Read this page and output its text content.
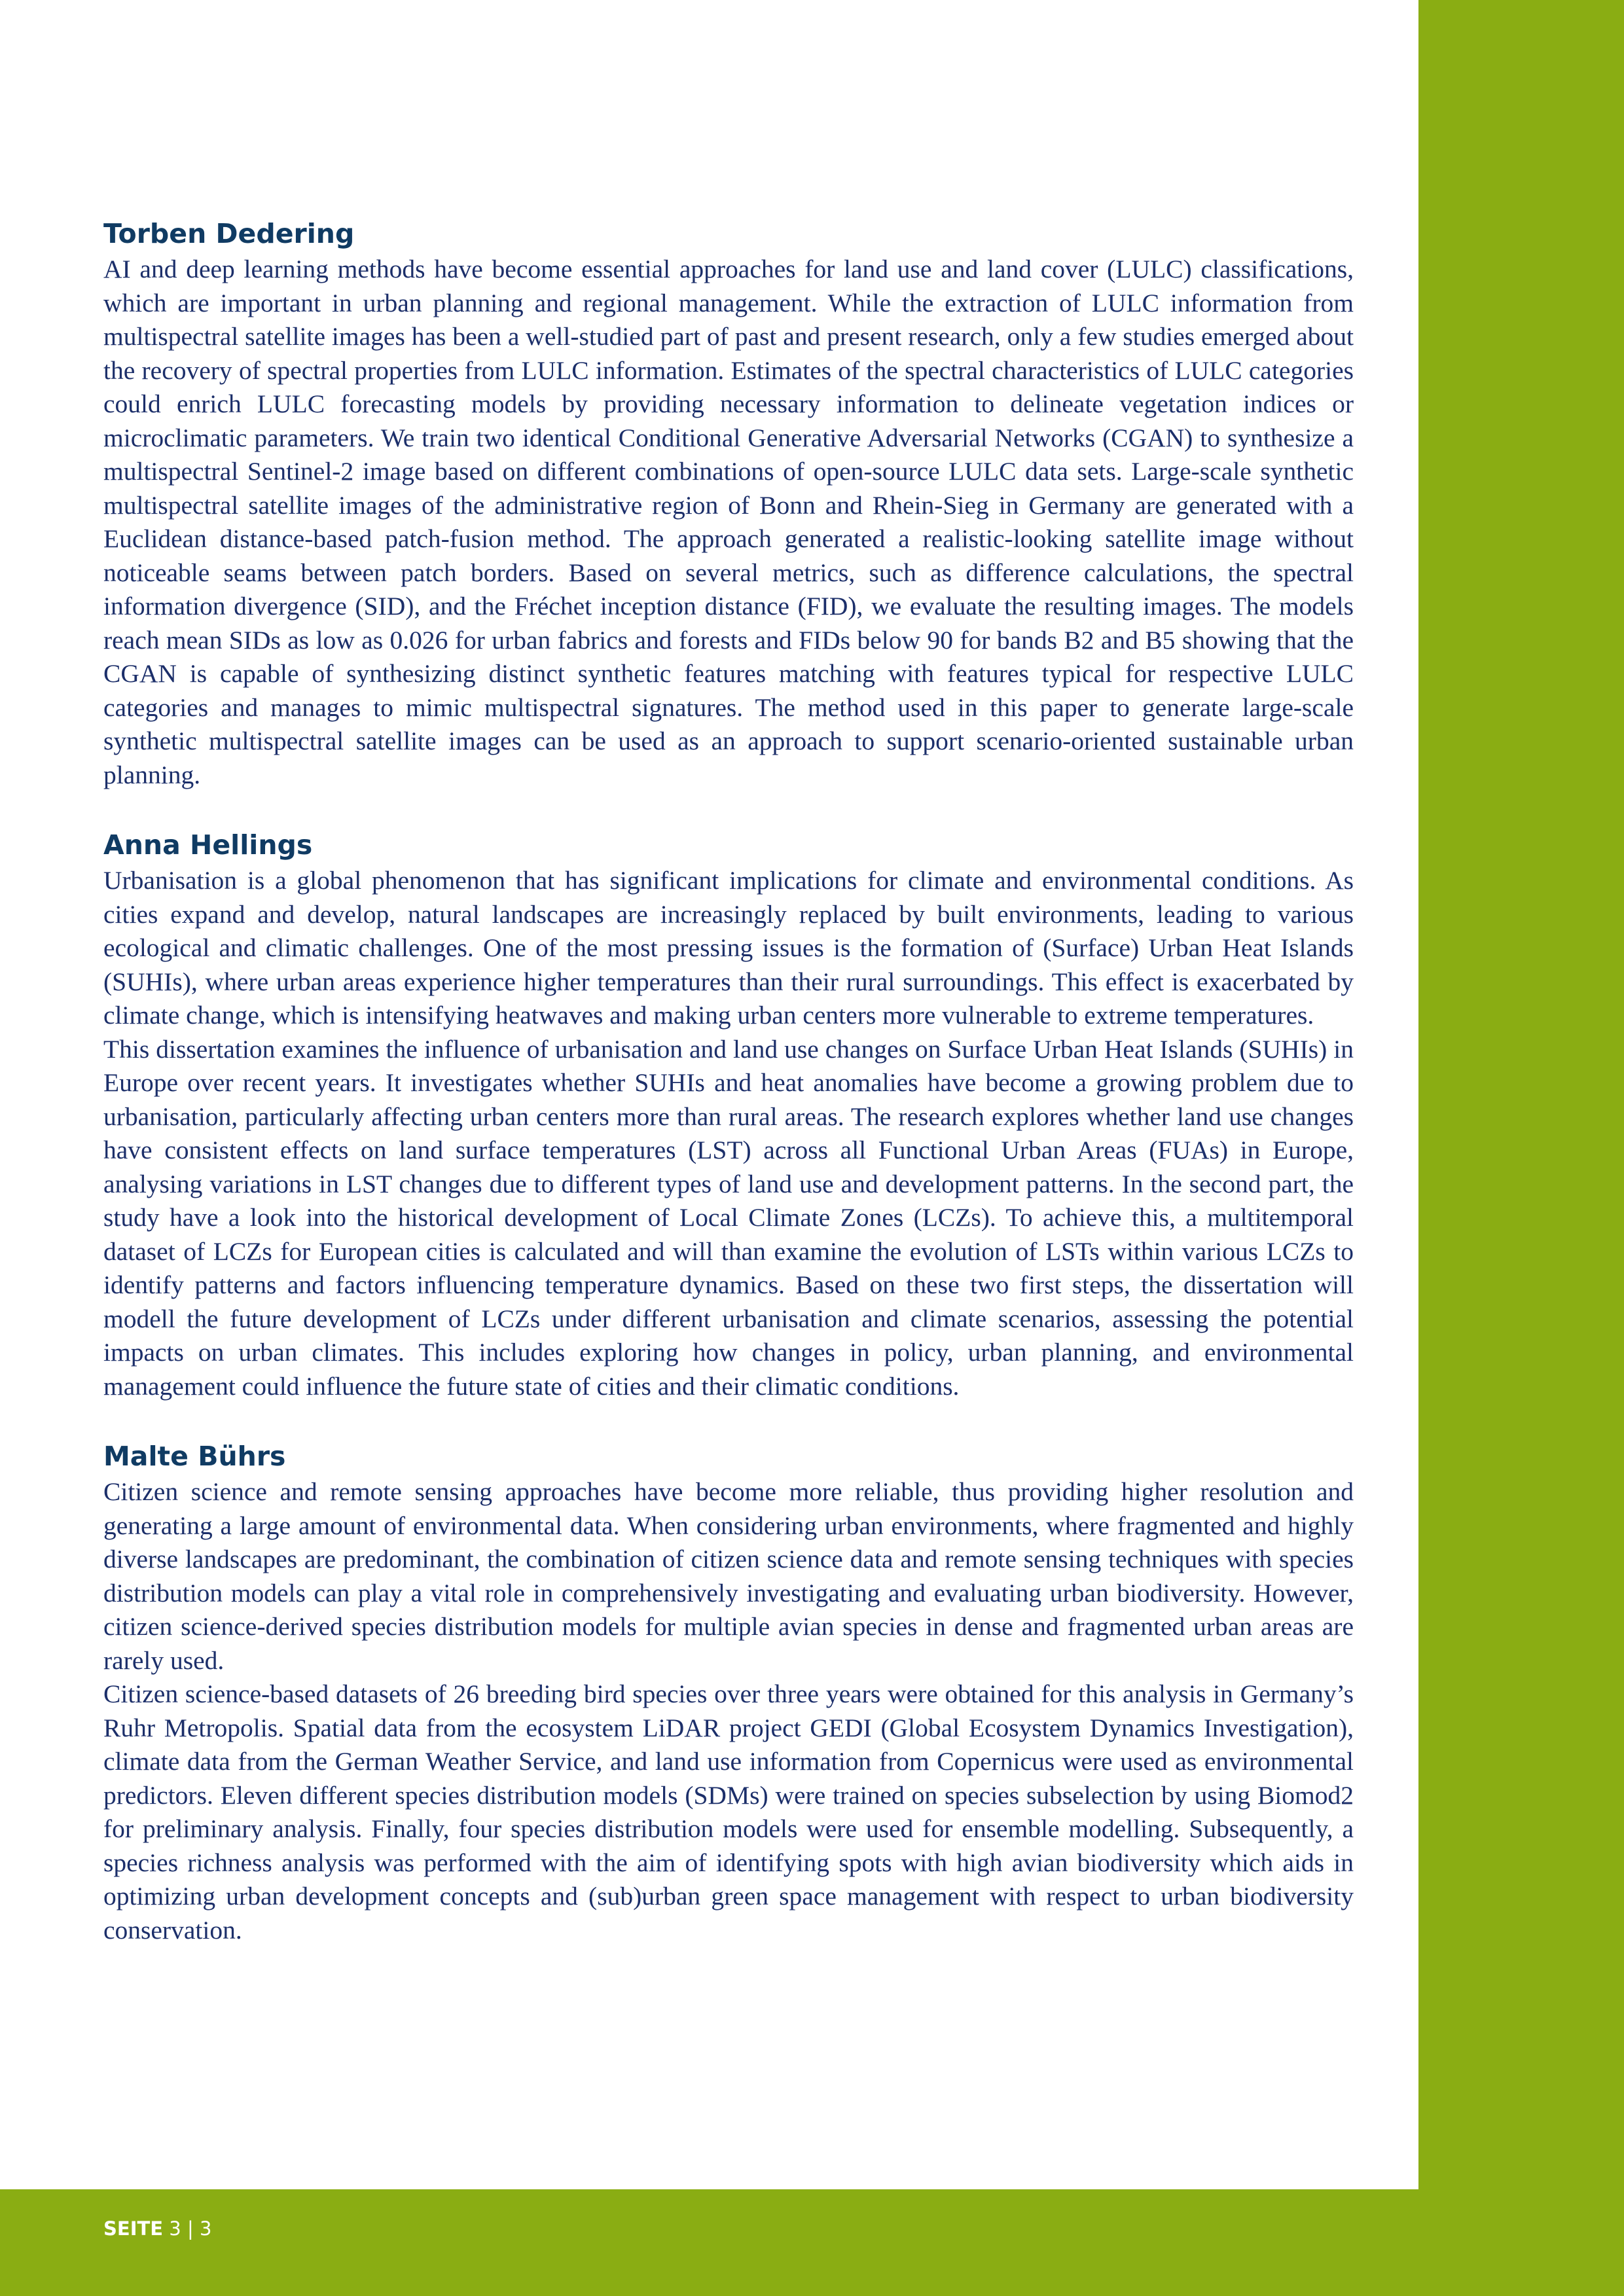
Torben Dedering

AI and deep learning methods have become essential approaches for land use and land cover (LULC) classifications, which are important in urban planning and regional management. While the extraction of LULC information from multispectral satellite images has been a well-studied part of past and present research, only a few studies emerged about the recovery of spectral properties from LULC information. Estimates of the spectral characteristics of LULC categories could enrich LULC forecasting models by providing necessary information to delineate vegetation indices or microclimatic parameters. We train two identical Conditional Generative Adversarial Networks (CGAN) to synthesize a multispectral Sentinel-2 image based on different combinations of open-source LULC data sets. Large-scale synthetic multispectral satellite images of the administrative region of Bonn and Rhein-Sieg in Germany are generated with a Euclidean distance-based patch-fusion method. The approach generated a realistic-looking satellite image without noticeable seams between patch borders. Based on several metrics, such as difference calculations, the spectral information divergence (SID), and the Fréchet inception distance (FID), we evaluate the resulting images. The models reach mean SIDs as low as 0.026 for urban fabrics and forests and FIDs below 90 for bands B2 and B5 showing that the CGAN is capable of synthesizing distinct synthetic features matching with features typical for respective LULC categories and manages to mimic multispectral signatures. The method used in this paper to generate large-scale synthetic multispectral satellite images can be used as an approach to support scenario-oriented sustainable urban planning.

Anna Hellings

Urbanisation is a global phenomenon that has significant implications for climate and environmental conditions. As cities expand and develop, natural landscapes are increasingly replaced by built environments, leading to various ecological and climatic challenges. One of the most pressing issues is the formation of (Surface) Urban Heat Islands (SUHIs), where urban areas experience higher temperatures than their rural surroundings. This effect is exacerbated by climate change, which is intensifying heatwaves and making urban centers more vulnerable to extreme temperatures.

This dissertation examines the influence of urbanisation and land use changes on Surface Urban Heat Islands (SUHIs) in Europe over recent years. It investigates whether SUHIs and heat anomalies have become a growing problem due to urbanisation, particularly affecting urban centers more than rural areas. The research explores whether land use changes have consistent effects on land surface temperatures (LST) across all Functional Urban Areas (FUAs) in Europe, analysing variations in LST changes due to different types of land use and development patterns. In the second part, the study have a look into the historical development of Local Climate Zones (LCZs). To achieve this, a multitemporal dataset of LCZs for European cities is calculated and will than examine the evolution of LSTs within various LCZs to identify patterns and factors influencing temperature dynamics. Based on these two first steps, the dissertation will modell the future development of LCZs under different urbanisation and climate scenarios, assessing the potential impacts on urban climates. This includes exploring how changes in policy, urban planning, and environmental management could influence the future state of cities and their climatic conditions.

Malte Bührs

Citizen science and remote sensing approaches have become more reliable, thus providing higher resolution and generating a large amount of environmental data. When considering urban environments, where fragmented and highly diverse landscapes are predominant, the combination of citizen science data and remote sensing techniques with species distribution models can play a vital role in comprehensively investigating and evaluating urban biodiversity. However, citizen science-derived species distribution models for multiple avian species in dense and fragmented urban areas are rarely used.

Citizen science-based datasets of 26 breeding bird species over three years were obtained for this analysis in Germany’s Ruhr Metropolis. Spatial data from the ecosystem LiDAR project GEDI (Global Ecosystem Dynamics Investigation), climate data from the German Weather Service, and land use information from Copernicus were used as environmental predictors. Eleven different species distribution models (SDMs) were trained on species subselection by using Biomod2 for preliminary analysis. Finally, four species distribution models were used for ensemble modelling. Subsequently, a species richness analysis was performed with the aim of identifying spots with high avian biodiversity which aids in optimizing urban development concepts and (sub)urban green space management with respect to urban biodiversity conservation.

SEITE 3 | 3
